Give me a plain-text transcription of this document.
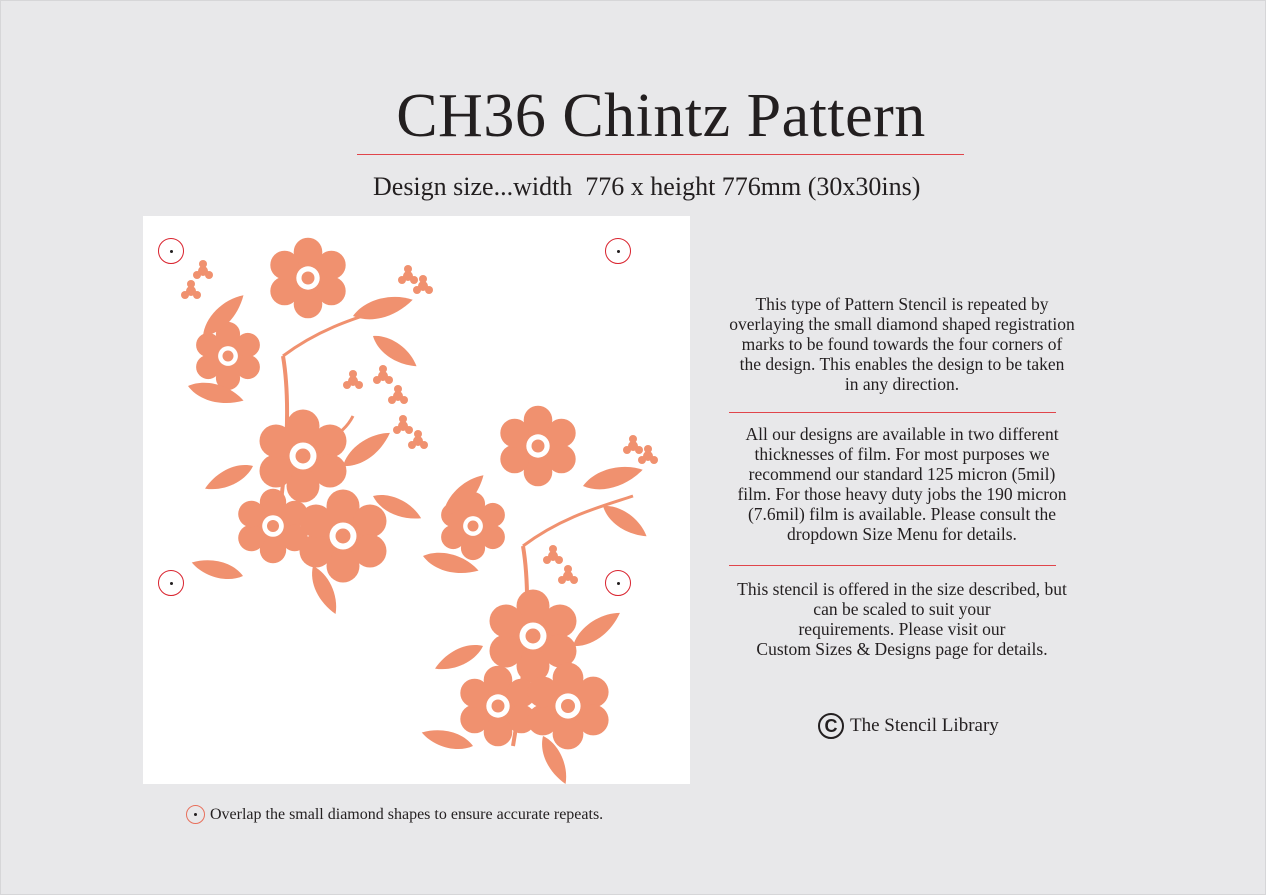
CH36 Chintz Pattern
Design size...width  776 x height 776mm (30x30ins)

This type of Pattern Stencil is repeated by
overlaying the small diamond shaped registration
marks to be found towards the four corners of
the design. This enables the design to be taken
in any direction.

All our designs are available in two different
thicknesses of film. For most purposes we
recommend our standard 125 micron (5mil)
film. For those heavy duty jobs the 190 micron
(7.6mil) film is available. Please consult the
dropdown Size Menu for details.

This stencil is offered in the size described, but
can be scaled to suit your
requirements. Please visit our
Custom Sizes & Designs page for details.

C The Stencil Library
Overlap the small diamond shapes to ensure accurate repeats.
